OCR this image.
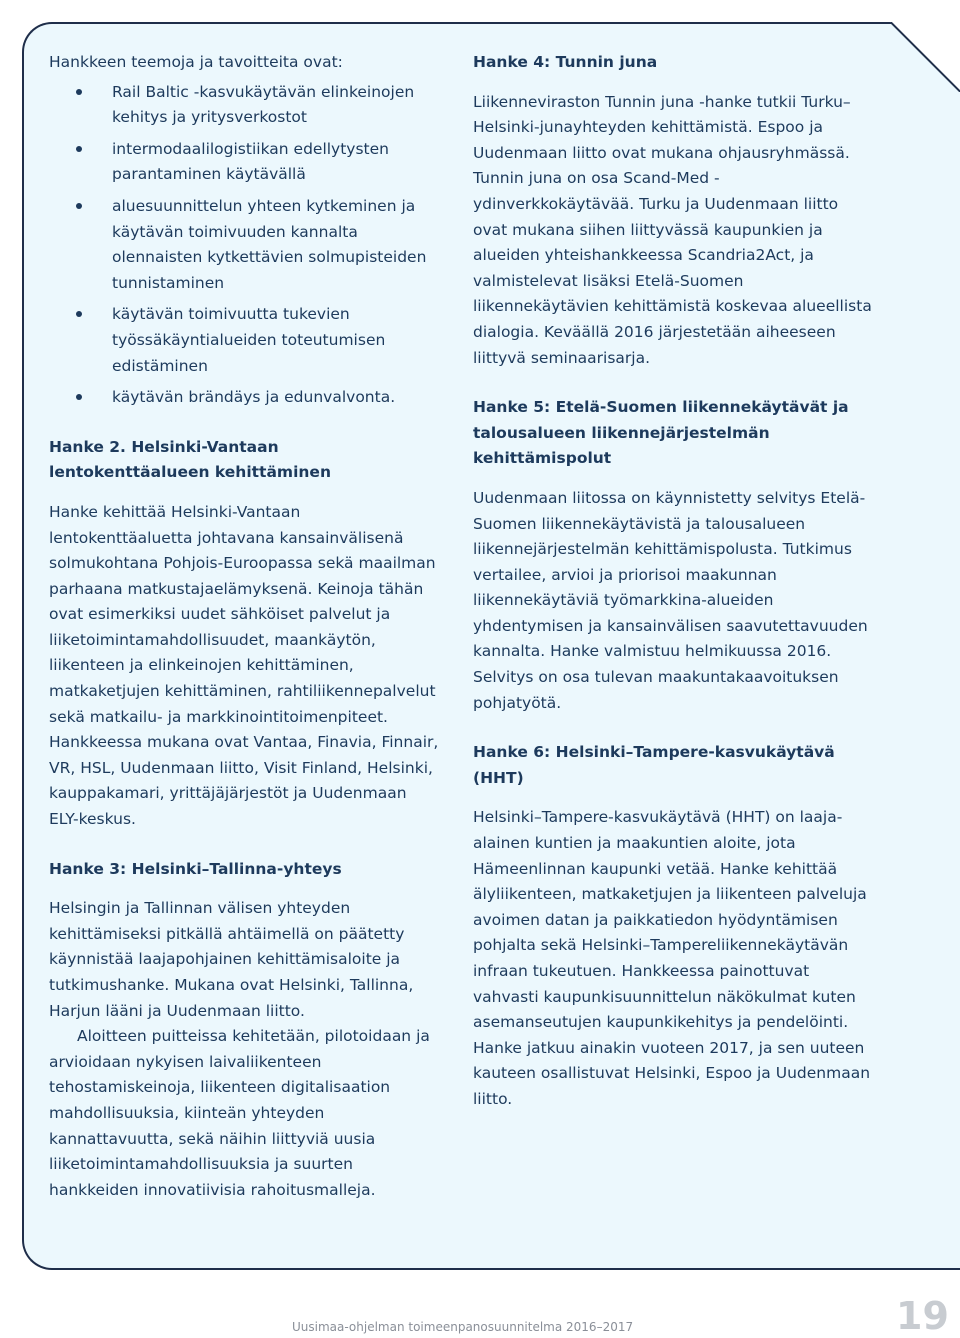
Hankkeen teemoja ja tavoitteita ovat:

Rail Baltic -kasvukäytävän elinkeinojen kehitys ja yritysverkostot
intermodaalilogistiikan edellytysten parantaminen käytävällä
aluesuunnittelun yhteen kytkeminen ja käytävän toimivuuden kannalta olennaisten kytkettävien solmupisteiden tunnistaminen
käytävän toimivuutta tukevien työssäkäyntialueiden toteutumisen edistäminen
käytävän brändäys ja edunvalvonta.

Hanke 2. Helsinki-Vantaan lentokenttäalueen kehittäminen

Hanke kehittää Helsinki-Vantaan lentokenttäaluetta johtavana kansainvälisenä solmukohtana Pohjois-Euroopassa sekä maailman parhaana matkustajaelämyksenä. Keinoja tähän ovat esimerkiksi uudet sähköiset palvelut ja liiketoimintamahdollisuudet, maankäytön, liikenteen ja elinkeinojen kehittäminen, matkaketjujen kehittäminen, rahtiliikennepalvelut sekä matkailu- ja markkinointitoimenpiteet. Hankkeessa mukana ovat Vantaa, Finavia, Finnair, VR, HSL, Uudenmaan liitto, Visit Finland, Helsinki, kauppakamari, yrittäjäjärjestöt ja Uudenmaan ELY-keskus.

Hanke 3: Helsinki–Tallinna-yhteys

Helsingin ja Tallinnan välisen yhteyden kehittämiseksi pitkällä ahtäimellä on päätetty käynnistää laajapohjainen kehittämisaloite ja tutkimushanke. Mukana ovat Helsinki, Tallinna, Harjun lääni ja Uudenmaan liitto.

Aloitteen puitteissa kehitetään, pilotoidaan ja arvioidaan nykyisen laivaliikenteen tehostamiskeinoja, liikenteen digitalisaation mahdollisuuksia, kiinteän yhteyden kannattavuutta, sekä näihin liittyviä uusia liiketoimintamahdollisuuksia ja suurten hankkeiden innovatiivisia rahoitusmalleja.

Hanke 4: Tunnin juna

Liikenneviraston Tunnin juna -hanke tutkii Turku–Helsinki-junayhteyden kehittämistä. Espoo ja Uudenmaan liitto ovat mukana ohjausryhmässä. Tunnin juna on osa Scand-Med -ydinverkkokäytävää. Turku ja Uudenmaan liitto ovat mukana siihen liittyvässä kaupunkien ja alueiden yhteishankkeessa Scandria2Act, ja valmistelevat lisäksi Etelä-Suomen liikennekäytävien kehittämistä koskevaa alueellista dialogia. Keväällä 2016 järjestetään aiheeseen liittyvä seminaarisarja.

Hanke 5: Etelä-Suomen liikennekäytävät ja talousalueen liikennejärjestelmän kehittämispolut

Uudenmaan liitossa on käynnistetty selvitys Etelä-Suomen liikennekäytävistä ja talousalueen liikennejärjestelmän kehittämispolusta. Tutkimus vertailee, arvioi ja priorisoi maakunnan liikennekäytäviä työmarkkina-alueiden yhdentymisen ja kansainvälisen saavutettavuuden kannalta. Hanke valmistuu helmikuussa 2016. Selvitys on osa tulevan maakuntakaavoituksen pohjatyötä.

Hanke 6: Helsinki–Tampere-kasvukäytävä (HHT)

Helsinki–Tampere-kasvukäytävä (HHT) on laaja-alainen kuntien ja maakuntien aloite, jota Hämeenlinnan kaupunki vetää. Hanke kehittää älyliikenteen, matkaketjujen ja liikenteen palveluja avoimen datan ja paikkatiedon hyödyntämisen pohjalta sekä Helsinki–Tampereliikennekäytävän infraan tukeutuen. Hankkeessa painottuvat vahvasti kaupunkisuunnittelun näkökulmat kuten asemanseutujen kaupunkikehitys ja pendelöinti. Hanke jatkuu ainakin vuoteen 2017, ja sen uuteen kauteen osallistuvat Helsinki, Espoo ja Uudenmaan liitto.

Uusimaa-ohjelman toimeenpanosuunnitelma 2016–2017	19
